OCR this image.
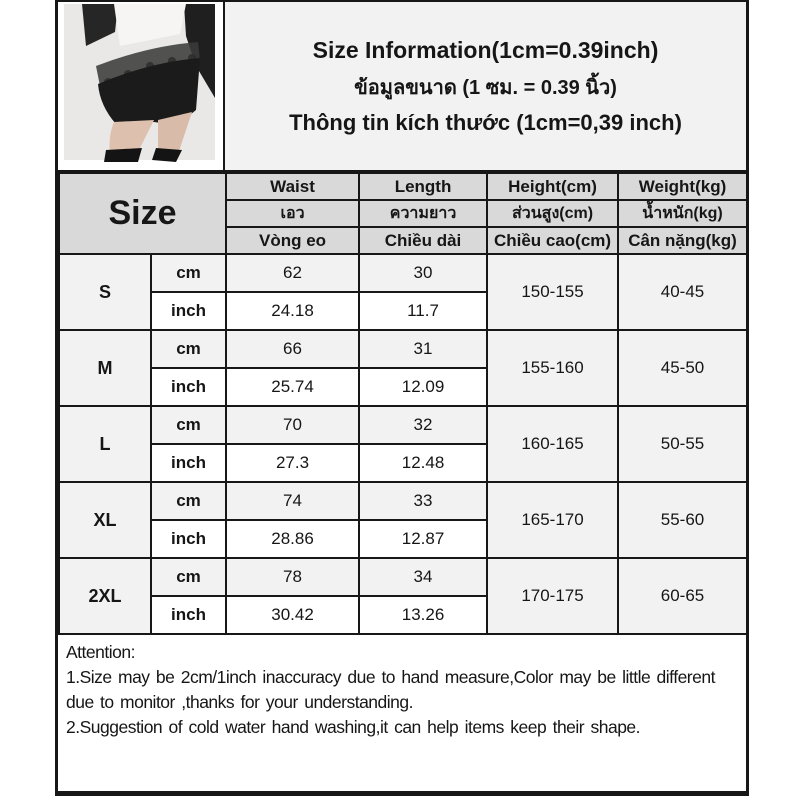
Size Information(1cm=0.39inch)
ข้อมูลขนาด (1 ซม. = 0.39 นิ้ว)
Thông tin kích thước (1cm=0,39 inch)
Size		Waist	Length	Height(cm)	Weight(kg)
		เอว	ความยาว	ส่วนสูง(cm)	น้ำหนัก(kg)
		Vòng eo	Chiều dài	Chiều cao(cm)	Cân nặng(kg)
S	cm	62	30	150-155	40-45
	inch	24.18	11.7		
M	cm	66	31	155-160	45-50
	inch	25.74	12.09		
L	cm	70	32	160-165	50-55
	inch	27.3	12.48		
XL	cm	74	33	165-170	55-60
	inch	28.86	12.87		
2XL	cm	78	34	170-175	60-65
	inch	30.42	13.26		
Attention:
1.Size may be 2cm/1inch inaccuracy due to hand measure,Color may be little different due to monitor ,thanks for your understanding.
2.Suggestion of cold water hand washing,it can help items keep their shape.
